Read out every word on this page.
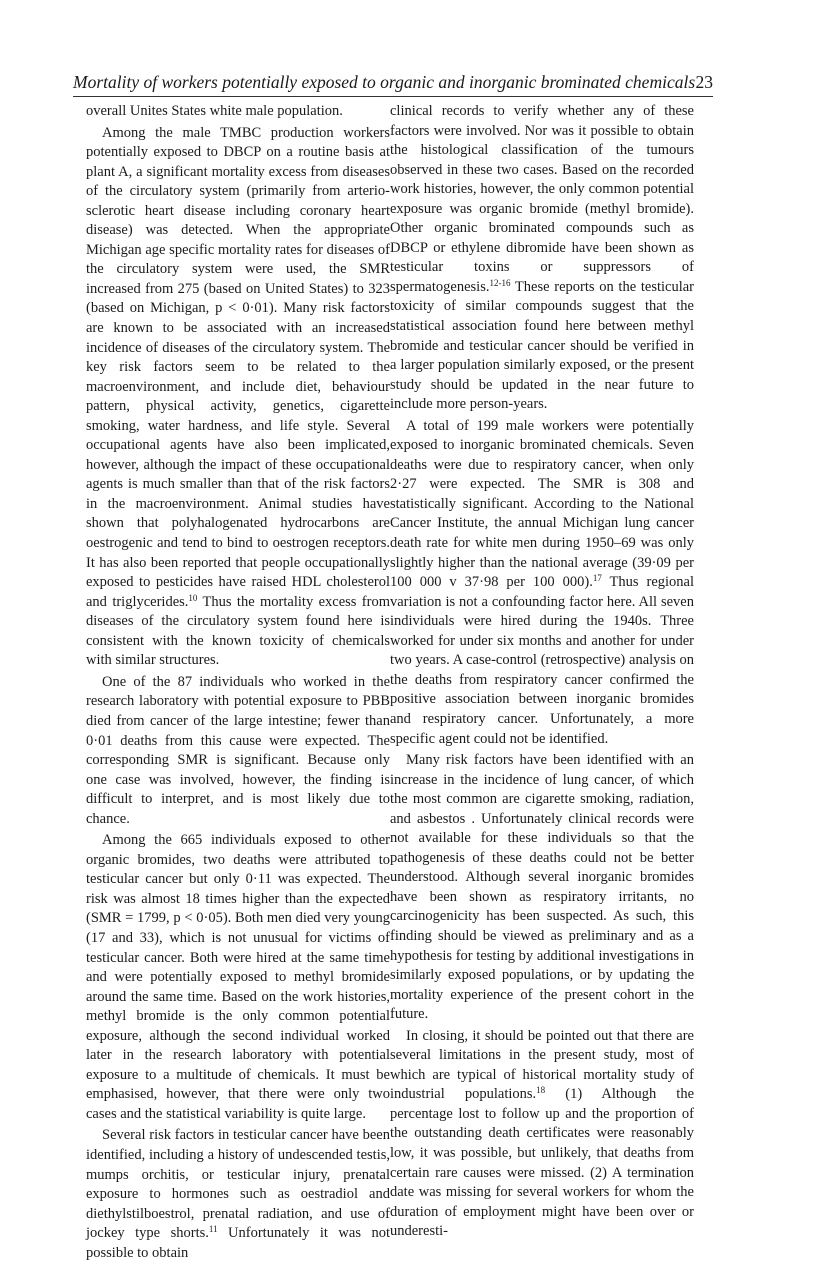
Mortality of workers potentially exposed to organic and inorganic brominated chemicals 23

overall Unites States white male population.

Among the male TMBC production workers potentially exposed to DBCP on a routine basis at plant A, a significant mortality excess from diseases of the circulatory system (primarily from arterio-sclerotic heart disease including coronary heart disease) was detected. When the appropriate Michigan age specific mortality rates for diseases of the circulatory system were used, the SMR increased from 275 (based on United States) to 323 (based on Michigan, p < 0·01). Many risk factors are known to be associated with an increased incidence of diseases of the circulatory system. The key risk factors seem to be related to the macroenvironment, and include diet, behaviour pattern, physical activity, genetics, cigarette smoking, water hardness, and life style. Several occupational agents have also been implicated, however, although the impact of these occupational agents is much smaller than that of the risk factors in the macroenvironment. Animal studies have shown that polyhalogenated hydrocarbons are oestrogenic and tend to bind to oestrogen receptors. It has also been reported that people occupationally exposed to pesticides have raised HDL cholesterol and triglycerides.$^{10}$ Thus the mortality excess from diseases of the circulatory system found here is consistent with the known toxicity of chemicals with similar structures.

One of the 87 individuals who worked in the research laboratory with potential exposure to PBB died from cancer of the large intestine; fewer than 0·01 deaths from this cause were expected. The corresponding SMR is significant. Because only one case was involved, however, the finding is difficult to interpret, and is most likely due to chance.

Among the 665 individuals exposed to other organic bromides, two deaths were attributed to testicular cancer but only 0·11 was expected. The risk was almost 18 times higher than the expected (SMR = 1799, p < 0·05). Both men died very young (17 and 33), which is not unusual for victims of testicular cancer. Both were hired at the same time and were potentially exposed to methyl bromide around the same time. Based on the work histories, methyl bromide is the only common potential exposure, although the second individual worked later in the research laboratory with potential exposure to a multitude of chemicals. It must be emphasised, however, that there were only two cases and the statistical variability is quite large.

Several risk factors in testicular cancer have been identified, including a history of undescended testis, mumps orchitis, or testicular injury, prenatal exposure to hormones such as oestradiol and diethylstilboestrol, prenatal radiation, and use of jockey type shorts.$^{11}$ Unfortunately it was not possible to obtain

clinical records to verify whether any of these factors were involved. Nor was it possible to obtain the histological classification of the tumours observed in these two cases. Based on the recorded work histories, however, the only common potential exposure was organic bromide (methyl bromide). Other organic brominated compounds such as DBCP or ethylene dibromide have been shown as testicular toxins or suppressors of spermatogenesis.$^{12-16}$ These reports on the testicular toxicity of similar compounds suggest that the statistical association found here between methyl bromide and testicular cancer should be verified in a larger population similarly exposed, or the present study should be updated in the near future to include more person-years.

A total of 199 male workers were potentially exposed to inorganic brominated chemicals. Seven deaths were due to respiratory cancer, when only 2·27 were expected. The SMR is 308 and statistically significant. According to the National Cancer Institute, the annual Michigan lung cancer death rate for white men during 1950–69 was only slightly higher than the national average (39·09 per 100 000 v 37·98 per 100 000).$^{17}$ Thus regional variation is not a confounding factor here. All seven individuals were hired during the 1940s. Three worked for under six months and another for under two years. A case-control (retrospective) analysis on the deaths from respiratory cancer confirmed the positive association between inorganic bromides and respiratory cancer. Unfortunately, a more specific agent could not be identified.

Many risk factors have been identified with an increase in the incidence of lung cancer, of which the most common are cigarette smoking, radiation, and asbestos . Unfortunately clinical records were not available for these individuals so that the pathogenesis of these deaths could not be better understood. Although several inorganic bromides have been shown as respiratory irritants, no carcinogenicity has been suspected. As such, this finding should be viewed as preliminary and as a hypothesis for testing by additional investigations in similarly exposed populations, or by updating the mortality experience of the present cohort in the future.

In closing, it should be pointed out that there are several limitations in the present study, most of which are typical of historical mortality study of industrial populations.$^{18}$ (1) Although the percentage lost to follow up and the proportion of the outstanding death certificates were reasonably low, it was possible, but unlikely, that deaths from certain rare causes were missed. (2) A termination date was missing for several workers for whom the duration of employment might have been over or underesti-
